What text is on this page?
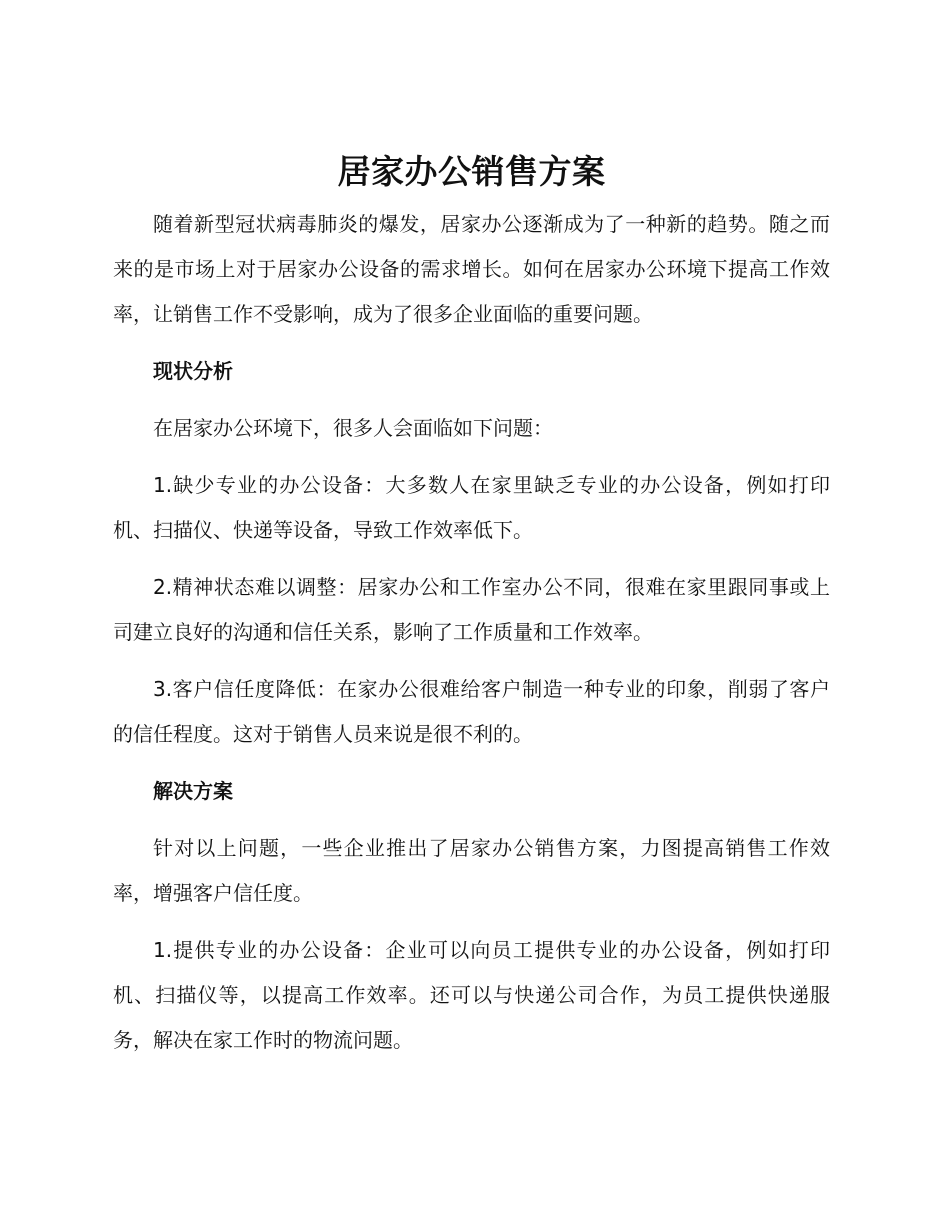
居家办公销售方案

随着新型冠状病毒肺炎的爆发，居家办公逐渐成为了一种新的趋势。随之而来的是市场上对于居家办公设备的需求增长。如何在居家办公环境下提高工作效率，让销售工作不受影响，成为了很多企业面临的重要问题。

现状分析

在居家办公环境下，很多人会面临如下问题：

1.缺少专业的办公设备：大多数人在家里缺乏专业的办公设备，例如打印机、扫描仪、快递等设备，导致工作效率低下。

2.精神状态难以调整：居家办公和工作室办公不同，很难在家里跟同事或上司建立良好的沟通和信任关系，影响了工作质量和工作效率。

3.客户信任度降低：在家办公很难给客户制造一种专业的印象，削弱了客户的信任程度。这对于销售人员来说是很不利的。

解决方案

针对以上问题，一些企业推出了居家办公销售方案，力图提高销售工作效率，增强客户信任度。

1.提供专业的办公设备：企业可以向员工提供专业的办公设备，例如打印机、扫描仪等，以提高工作效率。还可以与快递公司合作，为员工提供快递服务，解决在家工作时的物流问题。
